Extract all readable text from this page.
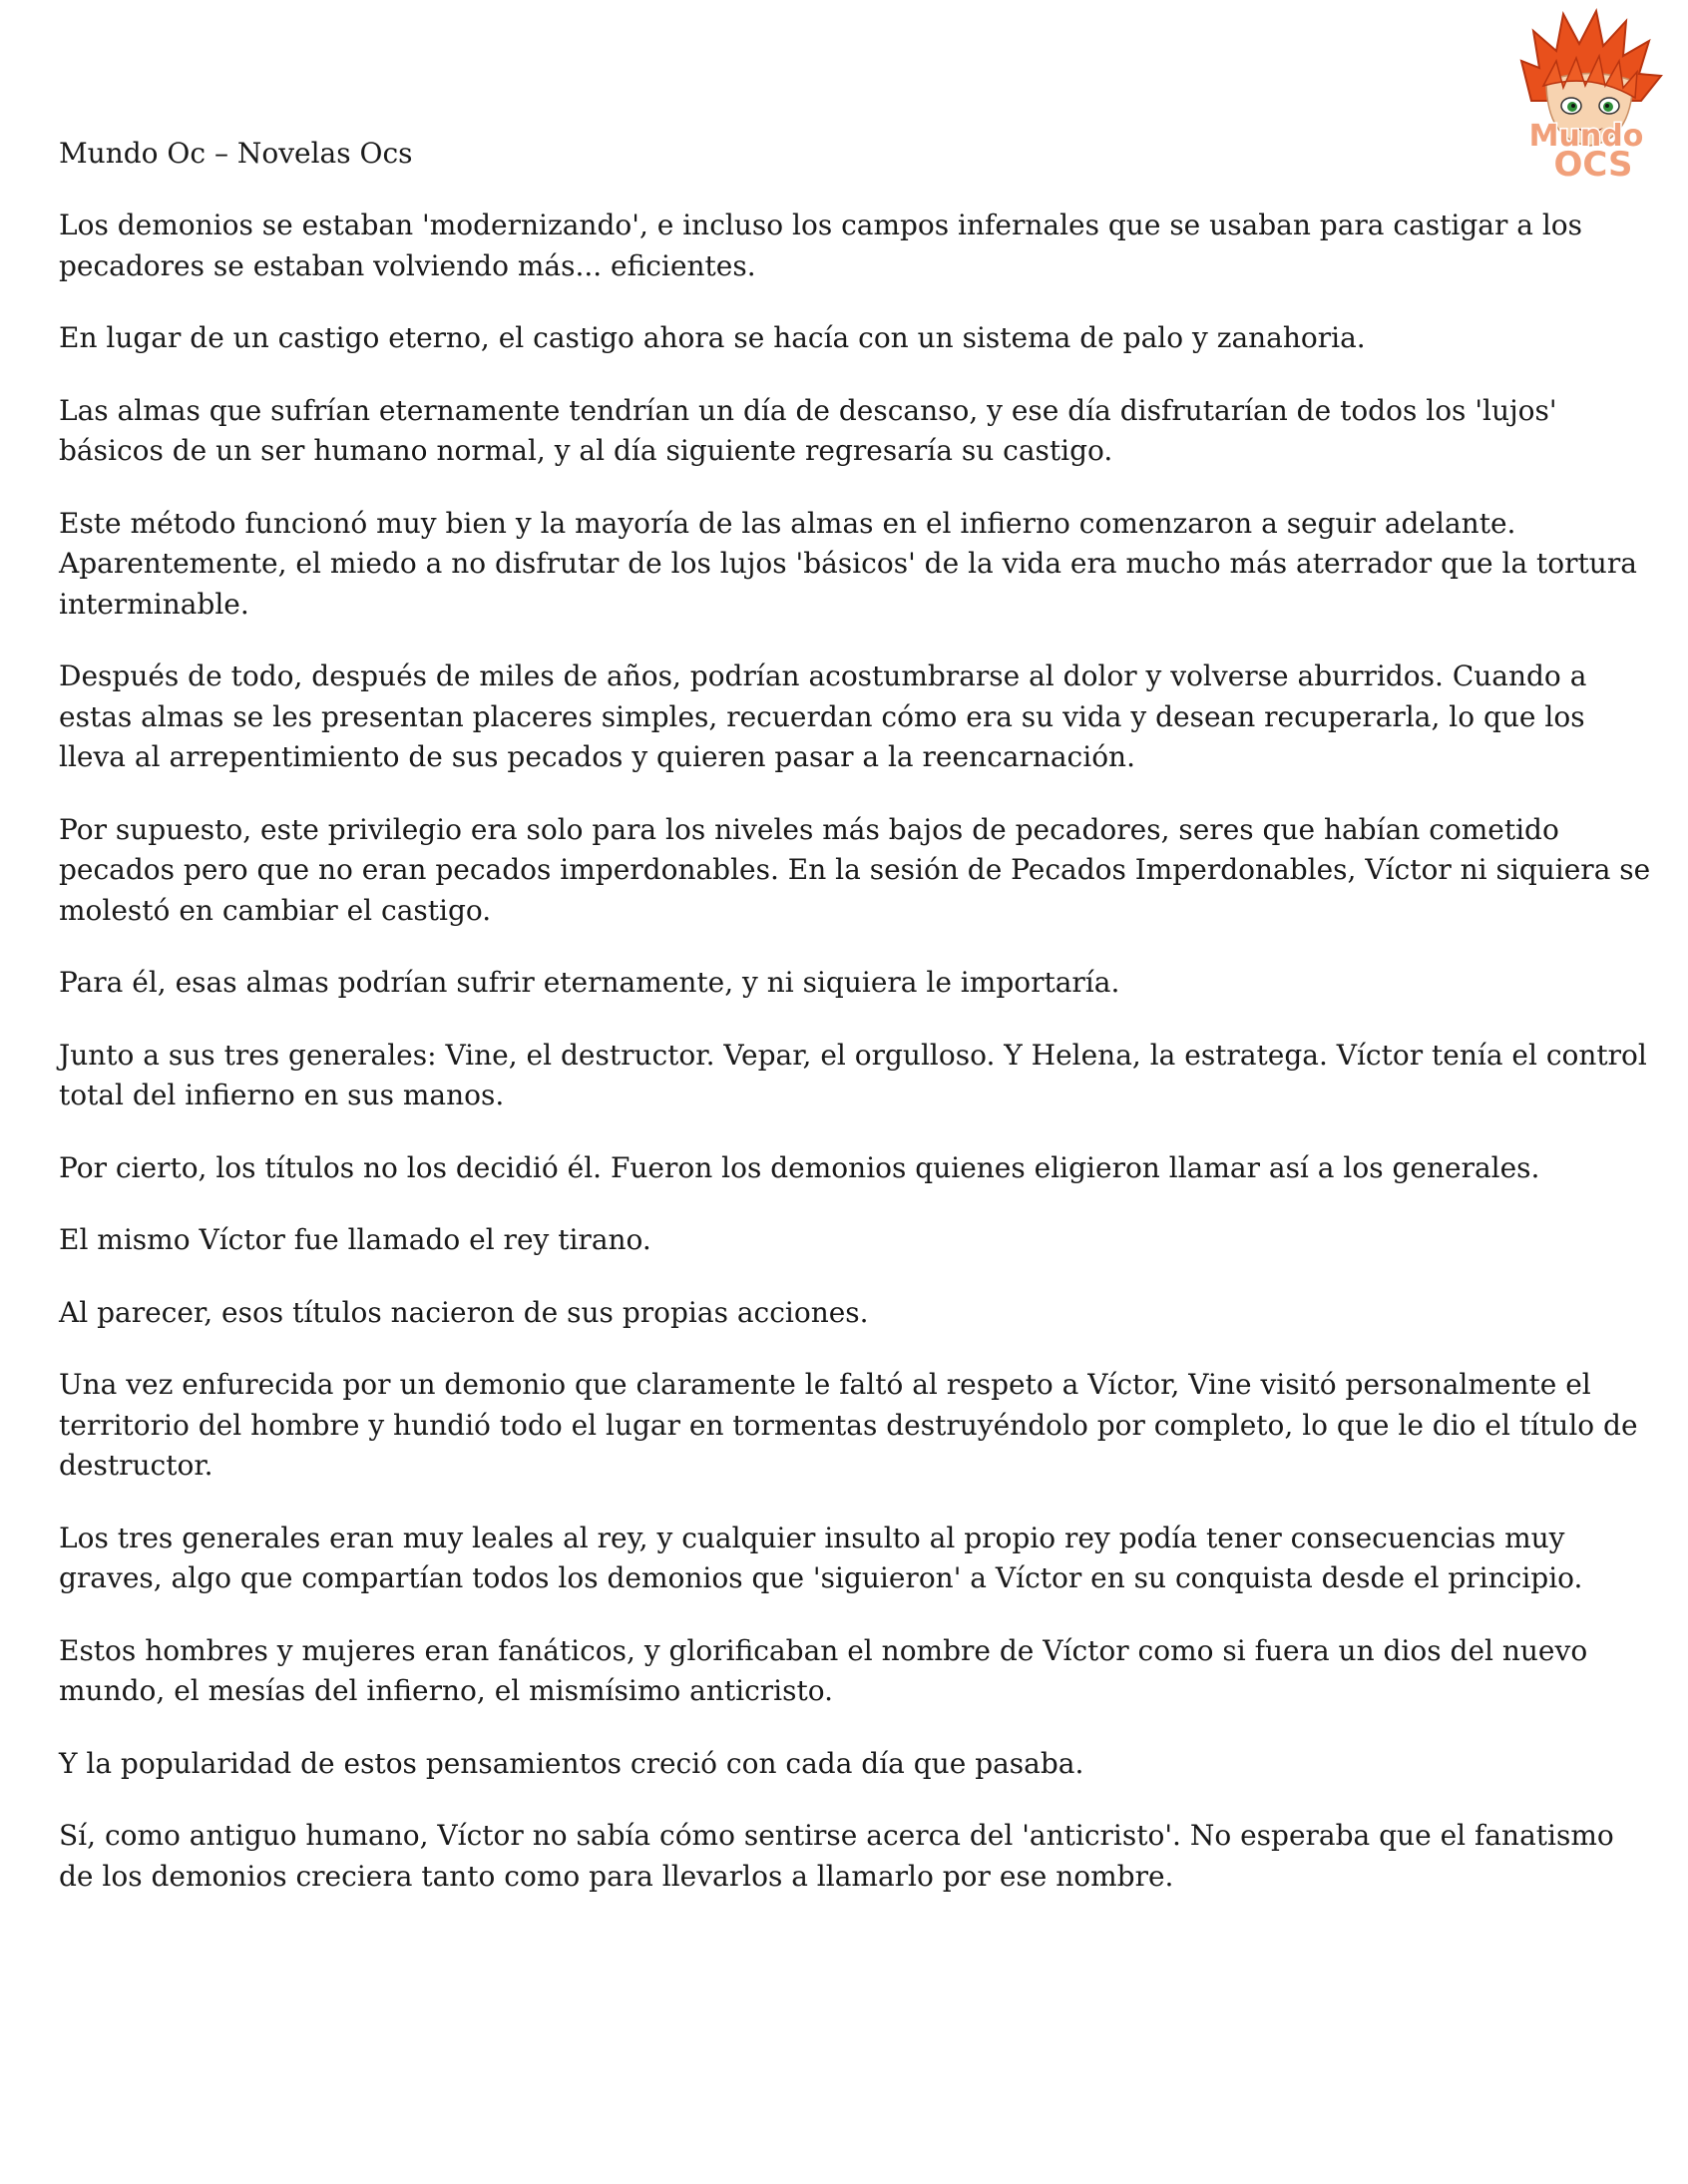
Mundo Oc – Novelas Ocs	Mundo
OCS

Los demonios se estaban 'modernizando', e incluso los campos infernales que se usaban para castigar a los pecadores se estaban volviendo más... eficientes.

En lugar de un castigo eterno, el castigo ahora se hacía con un sistema de palo y zanahoria.

Las almas que sufrían eternamente tendrían un día de descanso, y ese día disfrutarían de todos los 'lujos' básicos de un ser humano normal, y al día siguiente regresaría su castigo.

Este método funcionó muy bien y la mayoría de las almas en el infierno comenzaron a seguir adelante. Aparentemente, el miedo a no disfrutar de los lujos 'básicos' de la vida era mucho más aterrador que la tortura interminable.

Después de todo, después de miles de años, podrían acostumbrarse al dolor y volverse aburridos. Cuando a estas almas se les presentan placeres simples, recuerdan cómo era su vida y desean recuperarla, lo que los lleva al arrepentimiento de sus pecados y quieren pasar a la reencarnación.

Por supuesto, este privilegio era solo para los niveles más bajos de pecadores, seres que habían cometido pecados pero que no eran pecados imperdonables. En la sesión de Pecados Imperdonables, Víctor ni siquiera se molestó en cambiar el castigo.

Para él, esas almas podrían sufrir eternamente, y ni siquiera le importaría.

Junto a sus tres generales: Vine, el destructor. Vepar, el orgulloso. Y Helena, la estratega. Víctor tenía el control total del infierno en sus manos.

Por cierto, los títulos no los decidió él. Fueron los demonios quienes eligieron llamar así a los generales.

El mismo Víctor fue llamado el rey tirano.

Al parecer, esos títulos nacieron de sus propias acciones.

Una vez enfurecida por un demonio que claramente le faltó al respeto a Víctor, Vine visitó personalmente el territorio del hombre y hundió todo el lugar en tormentas destruyéndolo por completo, lo que le dio el título de destructor.

Los tres generales eran muy leales al rey, y cualquier insulto al propio rey podía tener consecuencias muy graves, algo que compartían todos los demonios que 'siguieron' a Víctor en su conquista desde el principio.

Estos hombres y mujeres eran fanáticos, y glorificaban el nombre de Víctor como si fuera un dios del nuevo mundo, el mesías del infierno, el mismísimo anticristo.

Y la popularidad de estos pensamientos creció con cada día que pasaba.

Sí, como antiguo humano, Víctor no sabía cómo sentirse acerca del 'anticristo'. No esperaba que el fanatismo de los demonios creciera tanto como para llevarlos a llamarlo por ese nombre.
